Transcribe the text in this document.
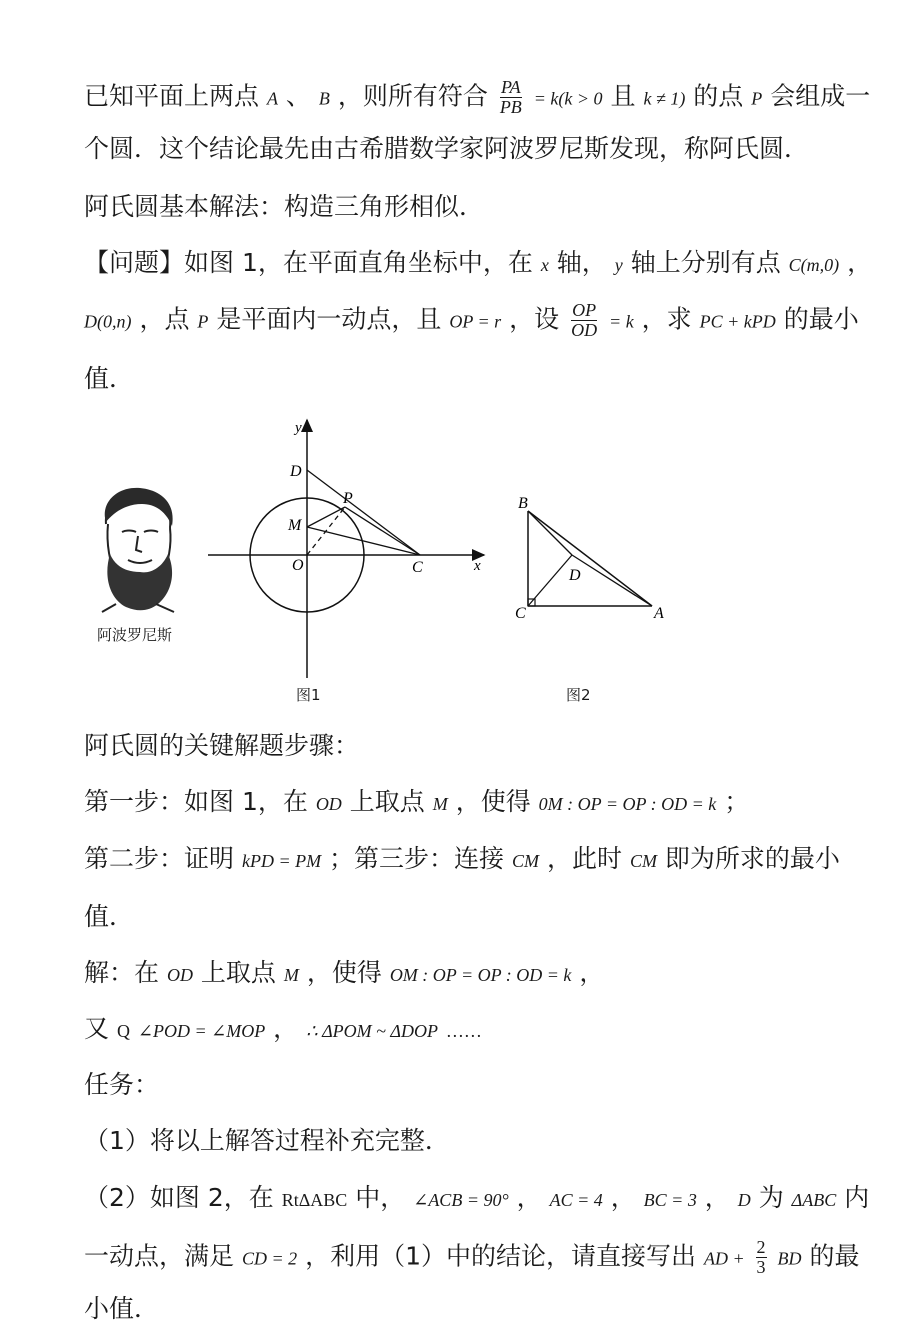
已知平面上两点 A 、 B ，则所有符合 $\frac{PA}{PB} = k(k > 0$ 且 k ≠ 1) 的点 P 会组成一
个圆．这个结论最先由古希腊数学家阿波罗尼斯发现，称阿氏圆．
阿氏圆基本解法：构造三角形相似．
【问题】如图 1，在平面直角坐标中，在 x 轴， y 轴上分别有点 C(m,0) ，
D(0,n) ，点 P 是平面内一动点，且 OP = r ，设 $\frac{OP}{OD} = k$ ，求 PC + kPD 的最小
值．
阿波罗尼斯
y
x
D
P
M
O	C
图1
B
D
C	A
图2
阿氏圆的关键解题步骤：
第一步：如图 1，在 OD 上取点 M ，使得 0M : OP = OP : OD = k ；
第二步：证明 kPD = PM ；第三步：连接 CM ，此时 CM 即为所求的最小
值．
解：在 OD 上取点 M ，使得 OM : OP = OP : OD = k ，
又 Q ∠POD = ∠MOP ， ∴ ΔPOM ~ ΔDOP ……
任务：
（1）将以上解答过程补充完整．
（2）如图 2，在 RtΔABC 中， ∠ACB = 90° ， AC = 4 ， BC = 3 ， D 为 ΔABC 内
一动点，满足 CD = 2 ，利用（1）中的结论，请直接写出 AD + $\frac{2}{3}$ BD 的最
小值．
